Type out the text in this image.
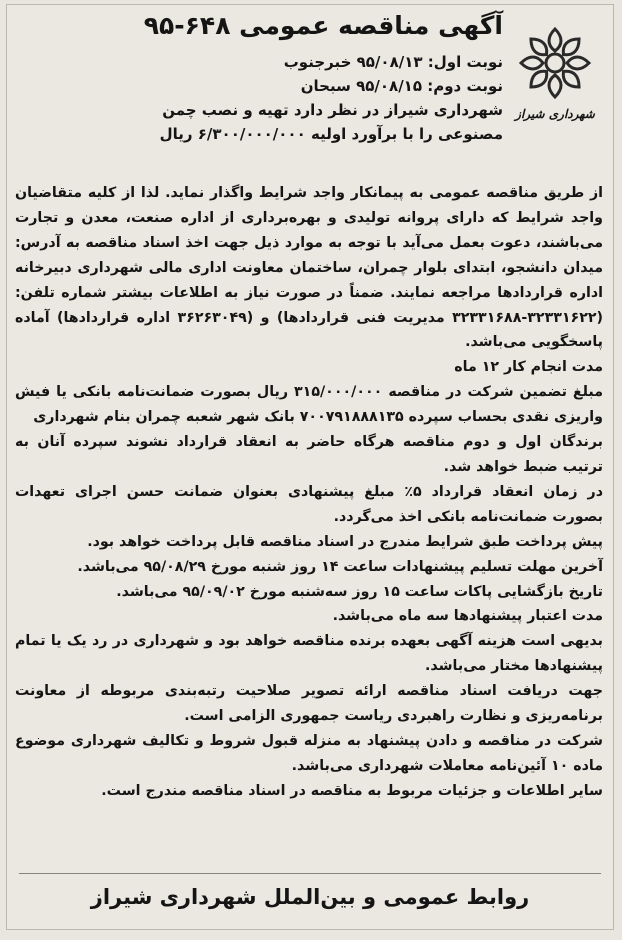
آگهی مناقصه عمومی ۶۴۸-۹۵
نوبت اول: ۹۵/۰۸/۱۳ خبرجنوب
نوبت دوم: ۹۵/۰۸/۱۵ سبحان
شهرداری شیراز در نظر دارد تهیه و نصب چمن
مصنوعی را با برآورد اولیه ۶/۳۰۰/۰۰۰/۰۰۰ ریال
شهرداری شیراز

از طریق مناقصه عمومی به پیمانکار واجد شرایط واگذار نماید. لذا از کلیه متقاضیان واجد شرایط که دارای پروانه تولیدی و بهره‌برداری از اداره صنعت، معدن و تجارت می‌باشند، دعوت بعمل می‌آید با توجه به موارد ذیل جهت اخذ اسناد مناقصه به آدرس: میدان دانشجو، ابتدای بلوار چمران، ساختمان معاونت اداری مالی شهرداری دبیرخانه اداره قراردادها مراجعه نمایند. ضمناً در صورت نیاز به اطلاعات بیشتر شماره تلفن: (۳۲۳۳۱۶۲۲-۳۲۳۳۱۶۸۸ مدیریت فنی قراردادها) و (۳۶۲۶۳۰۴۹ اداره قراردادها) آماده پاسخگویی می‌باشد.

مدت انجام کار ۱۲ ماه

مبلغ تضمین شرکت در مناقصه ۳۱۵/۰۰۰/۰۰۰ ریال بصورت ضمانت‌نامه بانکی یا فیش واریزی نقدی بحساب سپرده ۷۰۰۷۹۱۸۸۸۱۳۵ بانک شهر شعبه چمران بنام شهرداری

برندگان اول و دوم مناقصه هرگاه حاضر به انعقاد قرارداد نشوند سپرده آنان به ترتیب ضبط خواهد شد.

در زمان انعقاد قرارداد ۵٪ مبلغ پیشنهادی بعنوان ضمانت حسن اجرای تعهدات بصورت ضمانت‌نامه بانکی اخذ می‌گردد.

پیش پرداخت طبق شرایط مندرج در اسناد مناقصه قابل پرداخت خواهد بود.

آخرین مهلت تسلیم پیشنهادات ساعت ۱۴ روز شنبه مورخ ۹۵/۰۸/۲۹ می‌باشد.

تاریخ بازگشایی پاکات ساعت ۱۵ روز سه‌شنبه مورخ ۹۵/۰۹/۰۲ می‌باشد.

مدت اعتبار پیشنهادها سه ماه می‌باشد.

بدیهی است هزینه آگهی بعهده برنده مناقصه خواهد بود و شهرداری در رد یک یا تمام پیشنهادها مختار می‌باشد.

جهت دریافت اسناد مناقصه ارائه تصویر صلاحیت رتبه‌بندی مربوطه از معاونت برنامه‌ریزی و نظارت راهبردی ریاست جمهوری الزامی است.

شرکت در مناقصه و دادن پیشنهاد به منزله قبول شروط و تکالیف شهرداری موضوع ماده ۱۰ آئین‌نامه معاملات شهرداری می‌باشد.

سایر اطلاعات و جزئیات مربوط به مناقصه در اسناد مناقصه مندرج است.

روابط عمومی و بین‌الملل شهرداری شیراز
